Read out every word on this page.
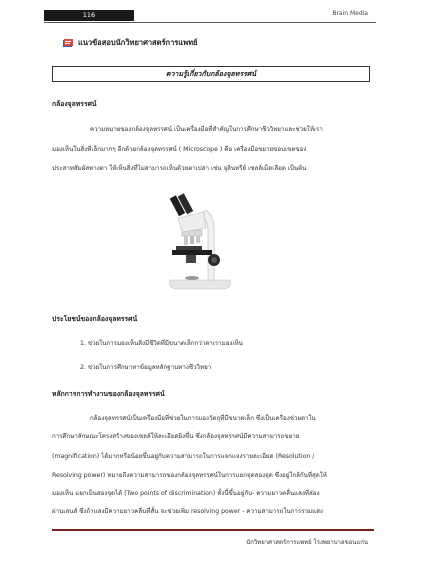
116	Brain Media
แนวข้อสอบนักวิทยาศาสตร์การแพทย์
ความรู้เกี่ยวกับกล้องจุลทรรศน์
กล้องจุลทรรศน์
ความหมายของกล้องจุลทรรศน์ เป็นเครื่องมือที่สำคัญในการศึกษาชีววิทยาและช่วยให้เรา
มองเห็นในสิ่งที่เล็กมากๆ อีกด้วยกล้องจุลทรรศน์ ( Microscope ) คือ เครื่องมือขยายขอบเขตของ
ประสาทสัมผัสทางตา ให้เห็นสิ่งที่ไม่สามารถเห็นด้วยตาเปล่า เช่น จุลินทรีย์ เซลล์เม็ดเลือด เป็นต้น
ประโยชน์ของกล้องจุลทรรศน์
1. ช่วยในการมองเห็นสิ่งมีชีวิตที่มีขนาดเล็กกว่าตาเรามองเห็น
2. ช่วยในการศึกษาหาข้อมูลหลักฐานทางชีววิทยา
หลักการการทำงานของกล้องจุลทรรศน์
กล้องจุลทรรศน์เป็นเครื่องมือที่ช่วยในการมองวัตถุที่มีขนาดเล็ก ซึ่งเป็นเครื่องช่วยตาใน
การศึกษาลักษณะโครงสร้างของเซลล์ให้ละเอียดยิ่งขึ้น ซึ่งกล้องจุลทรรศน์มีความสามารถขยาย
(magnification) ได้มากหรือน้อยขึ้นอยู่กับความสามารถในการแจกแจงรายละเอียด (Resolution /
Resolving power) หมายถึงความสามารถของกล้องจุลทรรศน์ในการแยกจุดสองจุด ซึ่งอยู่ใกล้กันที่สุดให้
มองเห็น แยกเป็นสองจุดได้ (Two points of discrimination) ทั้งนี้ขึ้นอยู่กับ- ความยาวคลื่นแสงที่ส่อง
ผ่านเลนส์ ซึ่งถ้าแสงมีความยาวคลื่นที่สั้น จะช่วยเพิ่ม resolving power - ความสามารถในการรวมแสง
นักวิทยาศาสตร์การแพทย์ โรงพยาบาลขอนแก่น
